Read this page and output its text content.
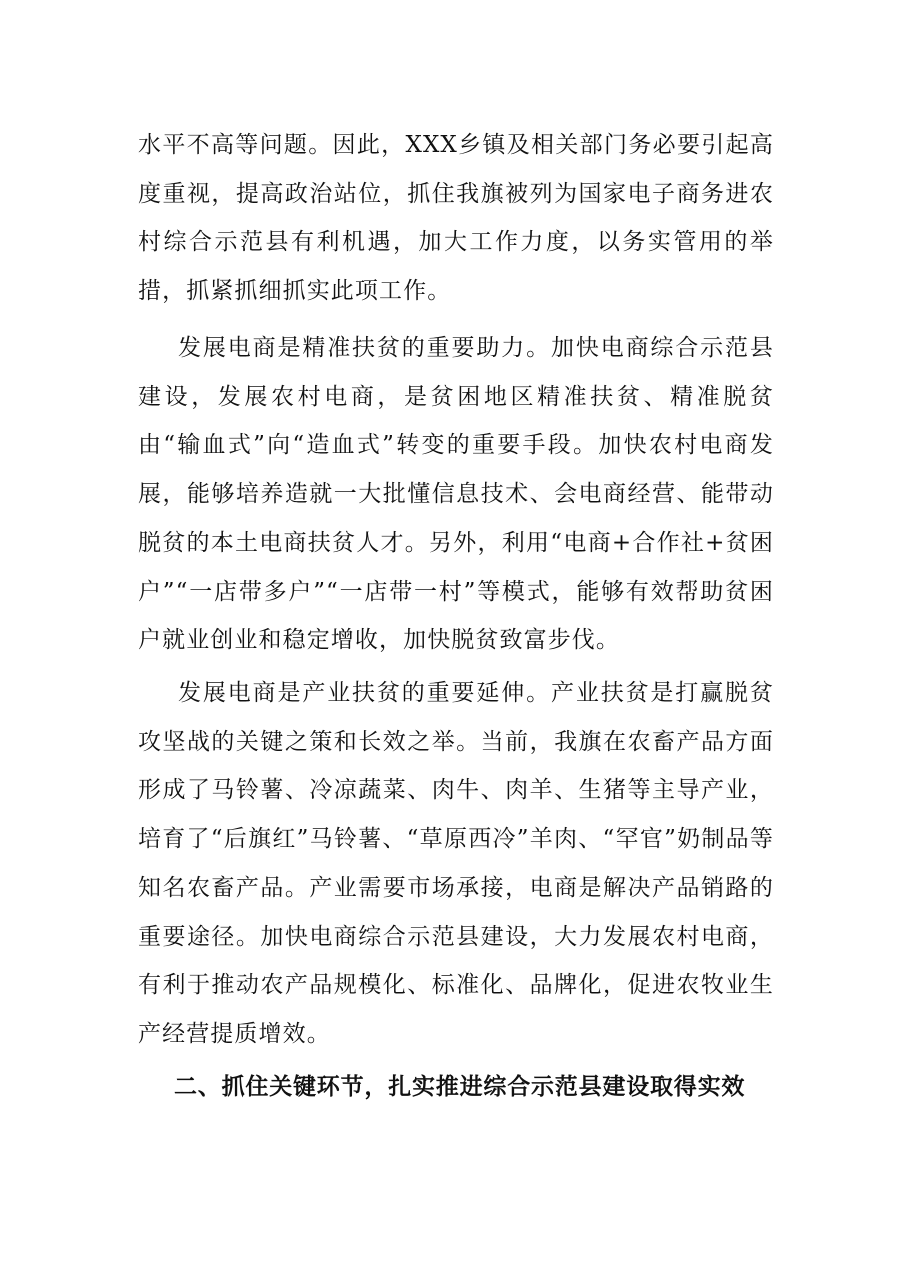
水平不高等问题。因此，XXX乡镇及相关部门务必要引起高度重视，提高政治站位，抓住我旗被列为国家电子商务进农村综合示范县有利机遇，加大工作力度，以务实管用的举措，抓紧抓细抓实此项工作。

发展电商是精准扶贫的重要助力。加快电商综合示范县建设，发展农村电商，是贫困地区精准扶贫、精准脱贫由“输血式”向“造血式”转变的重要手段。加快农村电商发展，能够培养造就一大批懂信息技术、会电商经营、能带动脱贫的本土电商扶贫人才。另外，利用“电商+合作社+贫困户”“一店带多户”“一店带一村”等模式，能够有效帮助贫困户就业创业和稳定增收，加快脱贫致富步伐。

发展电商是产业扶贫的重要延伸。产业扶贫是打赢脱贫攻坚战的关键之策和长效之举。当前，我旗在农畜产品方面形成了马铃薯、冷凉蔬菜、肉牛、肉羊、生猪等主导产业，培育了“后旗红”马铃薯、“草原西冷”羊肉、“罕官”奶制品等知名农畜产品。产业需要市场承接，电商是解决产品销路的重要途径。加快电商综合示范县建设，大力发展农村电商，有利于推动农产品规模化、标准化、品牌化，促进农牧业生产经营提质增效。

二、抓住关键环节，扎实推进综合示范县建设取得实效
